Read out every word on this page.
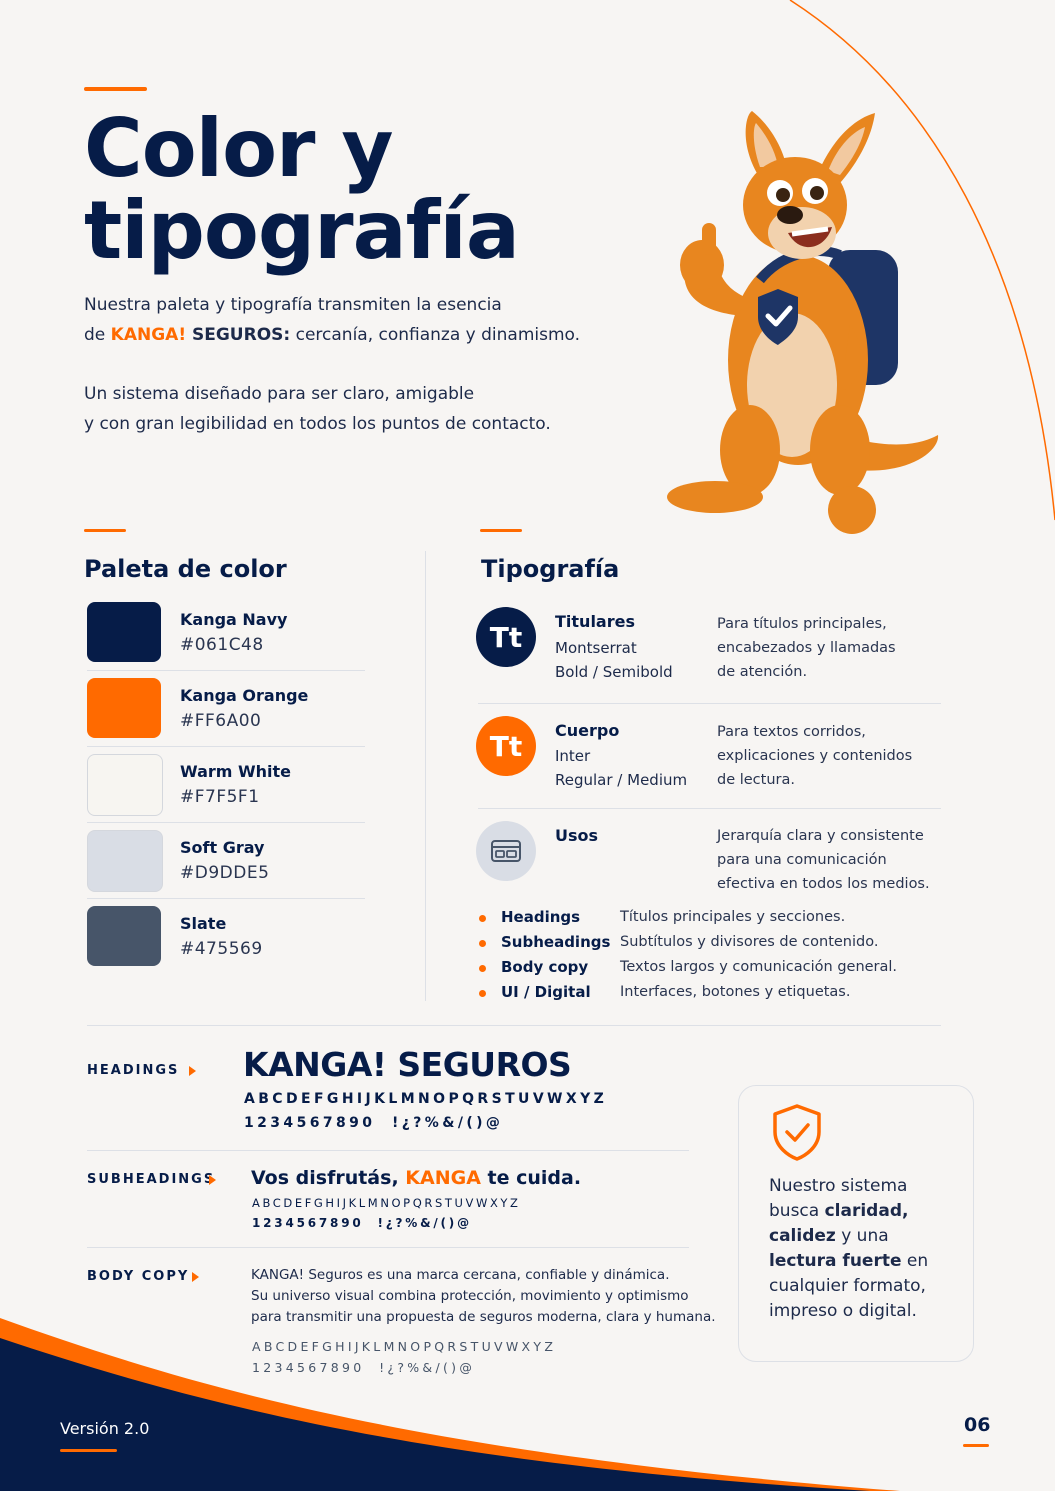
Color y
tipografía
Nuestra paleta y tipografía transmiten la esencia
de KANGA! SEGUROS: cercanía, confianza y dinamismo.
Un sistema diseñado para ser claro, amigable
y con gran legibilidad en todos los puntos de contacto.
Paleta de color
Kanga Navy
#061C48
Kanga Orange
#FF6A00
Warm White
#F7F5F1
Soft Gray
#D9DDE5
Slate
#475569
Tipografía
Tt Titulares
Montserrat
Bold / Semibold
Para títulos principales,
encabezados y llamadas
de atención.
Tt Cuerpo
Inter
Regular / Medium
Para textos corridos,
explicaciones y contenidos
de lectura.
Usos	Jerarquía clara y consistente
para una comunicación
efectiva en todos los medios.
Headings	Títulos principales y secciones.
Subheadings Subtítulos y divisores de contenido.
Body copy Textos largos y comunicación general.
UI / Digital Interfaces, botones y etiquetas.
HEADINGS KANGA! SEGUROS
ABCDEFGHIJKLMNOPQRSTUVWXYZ
1234567890  !¿?%&/()@
SUBHEADINGS Vos disfrutás, KANGA te cuida.
ABCDEFGHIJKLMNOPQRSTUVWXYZ
1234567890  !¿?%&/()@
BODY COPY	KANGA! Seguros es una marca cercana, confiable y dinámica.
Su universo visual combina protección, movimiento y optimismo
para transmitir una propuesta de seguros moderna, clara y humana.
ABCDEFGHIJKLMNOPQRSTUVWXYZ
1234567890  !¿?%&/()@
Nuestro sistema busca claridad, calidez y una lectura fuerte en cualquier formato, impreso o digital.
Versión 2.0	06
